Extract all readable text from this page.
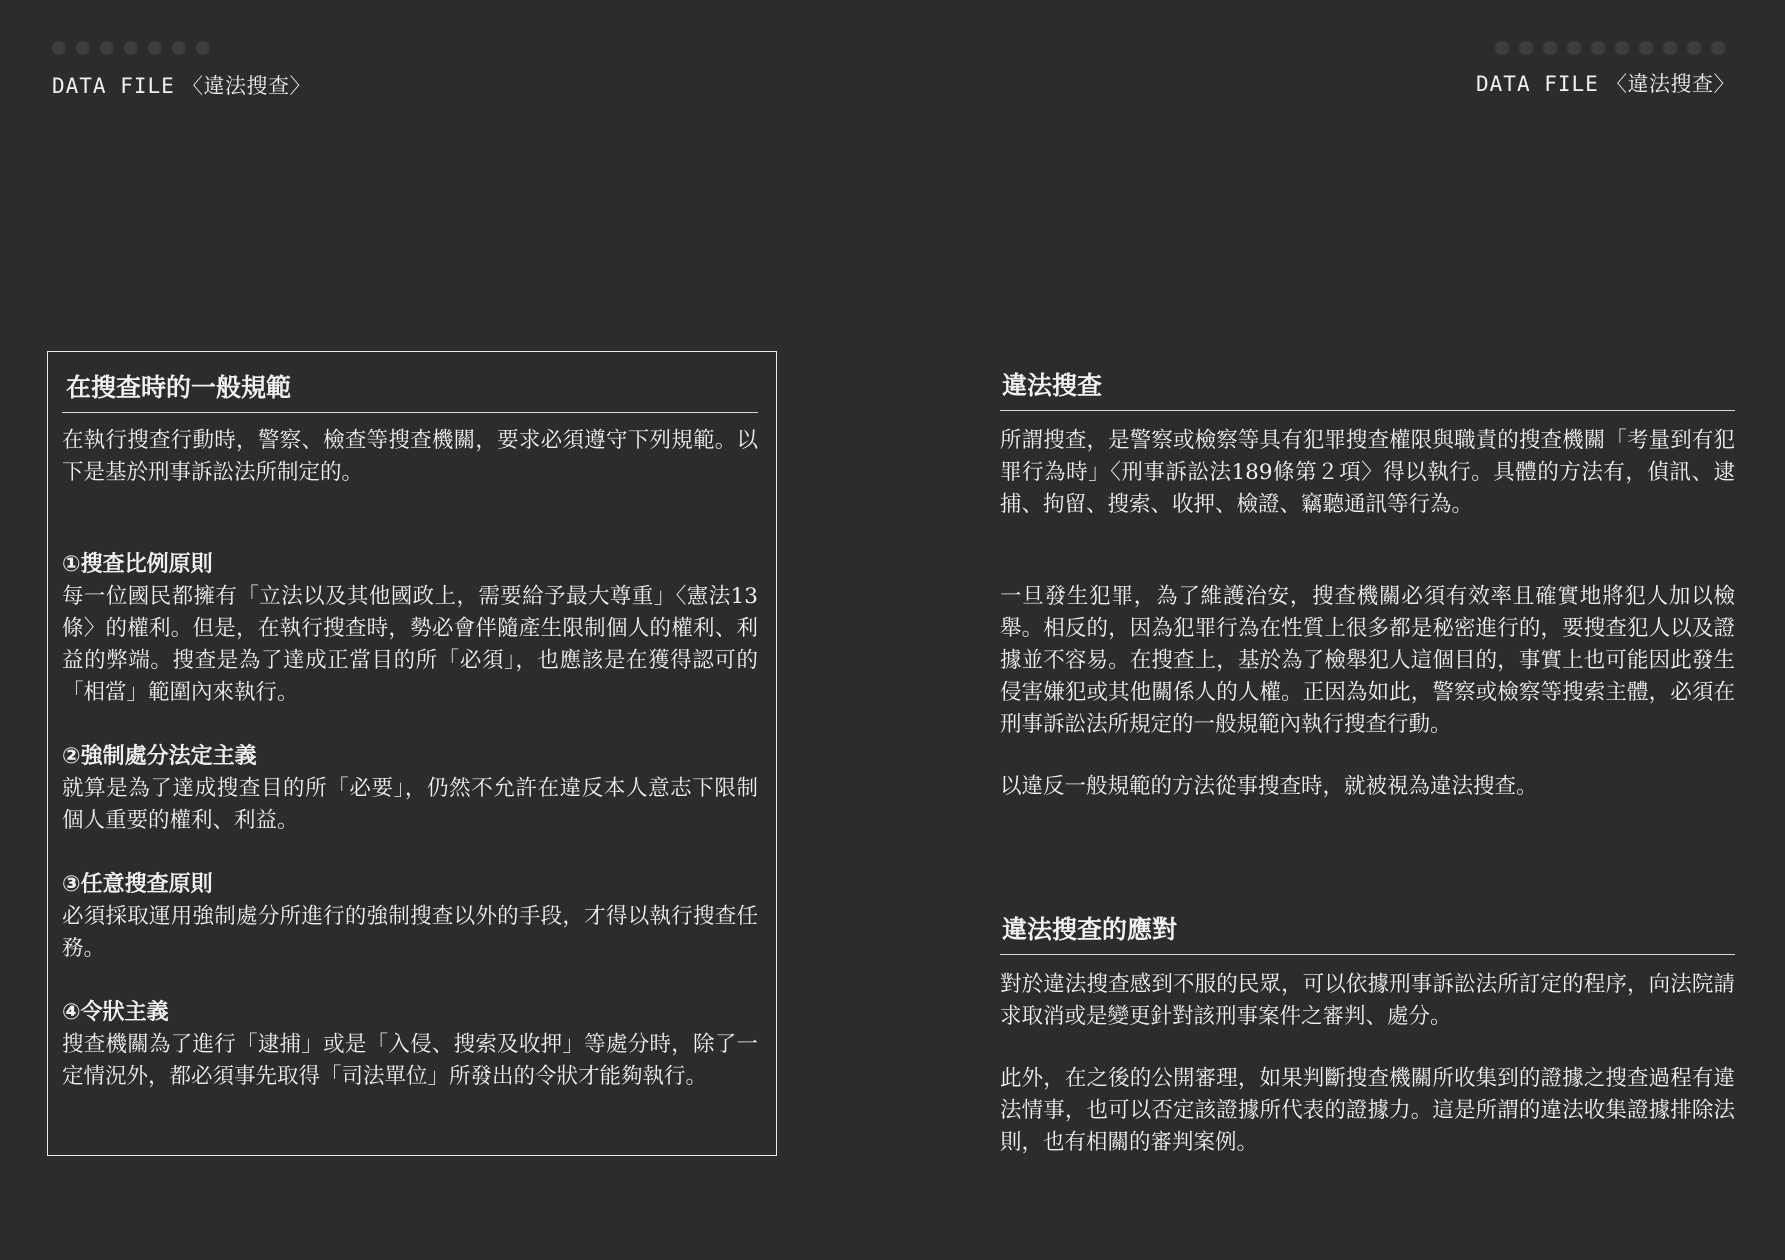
DATA FILE 〈違法搜查〉	DATA FILE 〈違法搜查〉
在搜查時的一般規範
在執行搜查行動時，警察、檢查等搜查機關，要求必須遵守下列規範。以下是基於刑事訴訟法所制定的。
①搜查比例原則
每一位國民都擁有「立法以及其他國政上，需要給予最大尊重」〈憲法13條〉的權利。但是，在執行搜查時，勢必會伴隨產生限制個人的權利、利益的弊端。搜查是為了達成正當目的所「必須」，也應該是在獲得認可的「相當」範圍內來執行。
②強制處分法定主義
就算是為了達成搜查目的所「必要」，仍然不允許在違反本人意志下限制個人重要的權利、利益。
③任意搜查原則
必須採取運用強制處分所進行的強制搜查以外的手段，才得以執行搜查任務。
④令狀主義
搜查機關為了進行「逮捕」或是「入侵、搜索及收押」等處分時，除了一定情況外，都必須事先取得「司法單位」所發出的令狀才能夠執行。
違法搜查

所謂搜查，是警察或檢察等具有犯罪搜查權限與職責的搜查機關「考量到有犯罪行為時」〈刑事訴訟法189條第２項〉得以執行。具體的方法有，偵訊、逮捕、拘留、搜索、收押、檢證、竊聽通訊等行為。

一旦發生犯罪，為了維護治安，搜查機關必須有效率且確實地將犯人加以檢舉。相反的，因為犯罪行為在性質上很多都是秘密進行的，要搜查犯人以及證據並不容易。在搜查上，基於為了檢舉犯人這個目的，事實上也可能因此發生侵害嫌犯或其他關係人的人權。正因為如此，警察或檢察等搜索主體，必須在刑事訴訟法所規定的一般規範內執行搜查行動。

以違反一般規範的方法從事搜查時，就被視為違法搜查。

違法搜查的應對

對於違法搜查感到不服的民眾，可以依據刑事訴訟法所訂定的程序，向法院請求取消或是變更針對該刑事案件之審判、處分。

此外，在之後的公開審理，如果判斷搜查機關所收集到的證據之搜查過程有違法情事，也可以否定該證據所代表的證據力。這是所謂的違法收集證據排除法則，也有相關的審判案例。
